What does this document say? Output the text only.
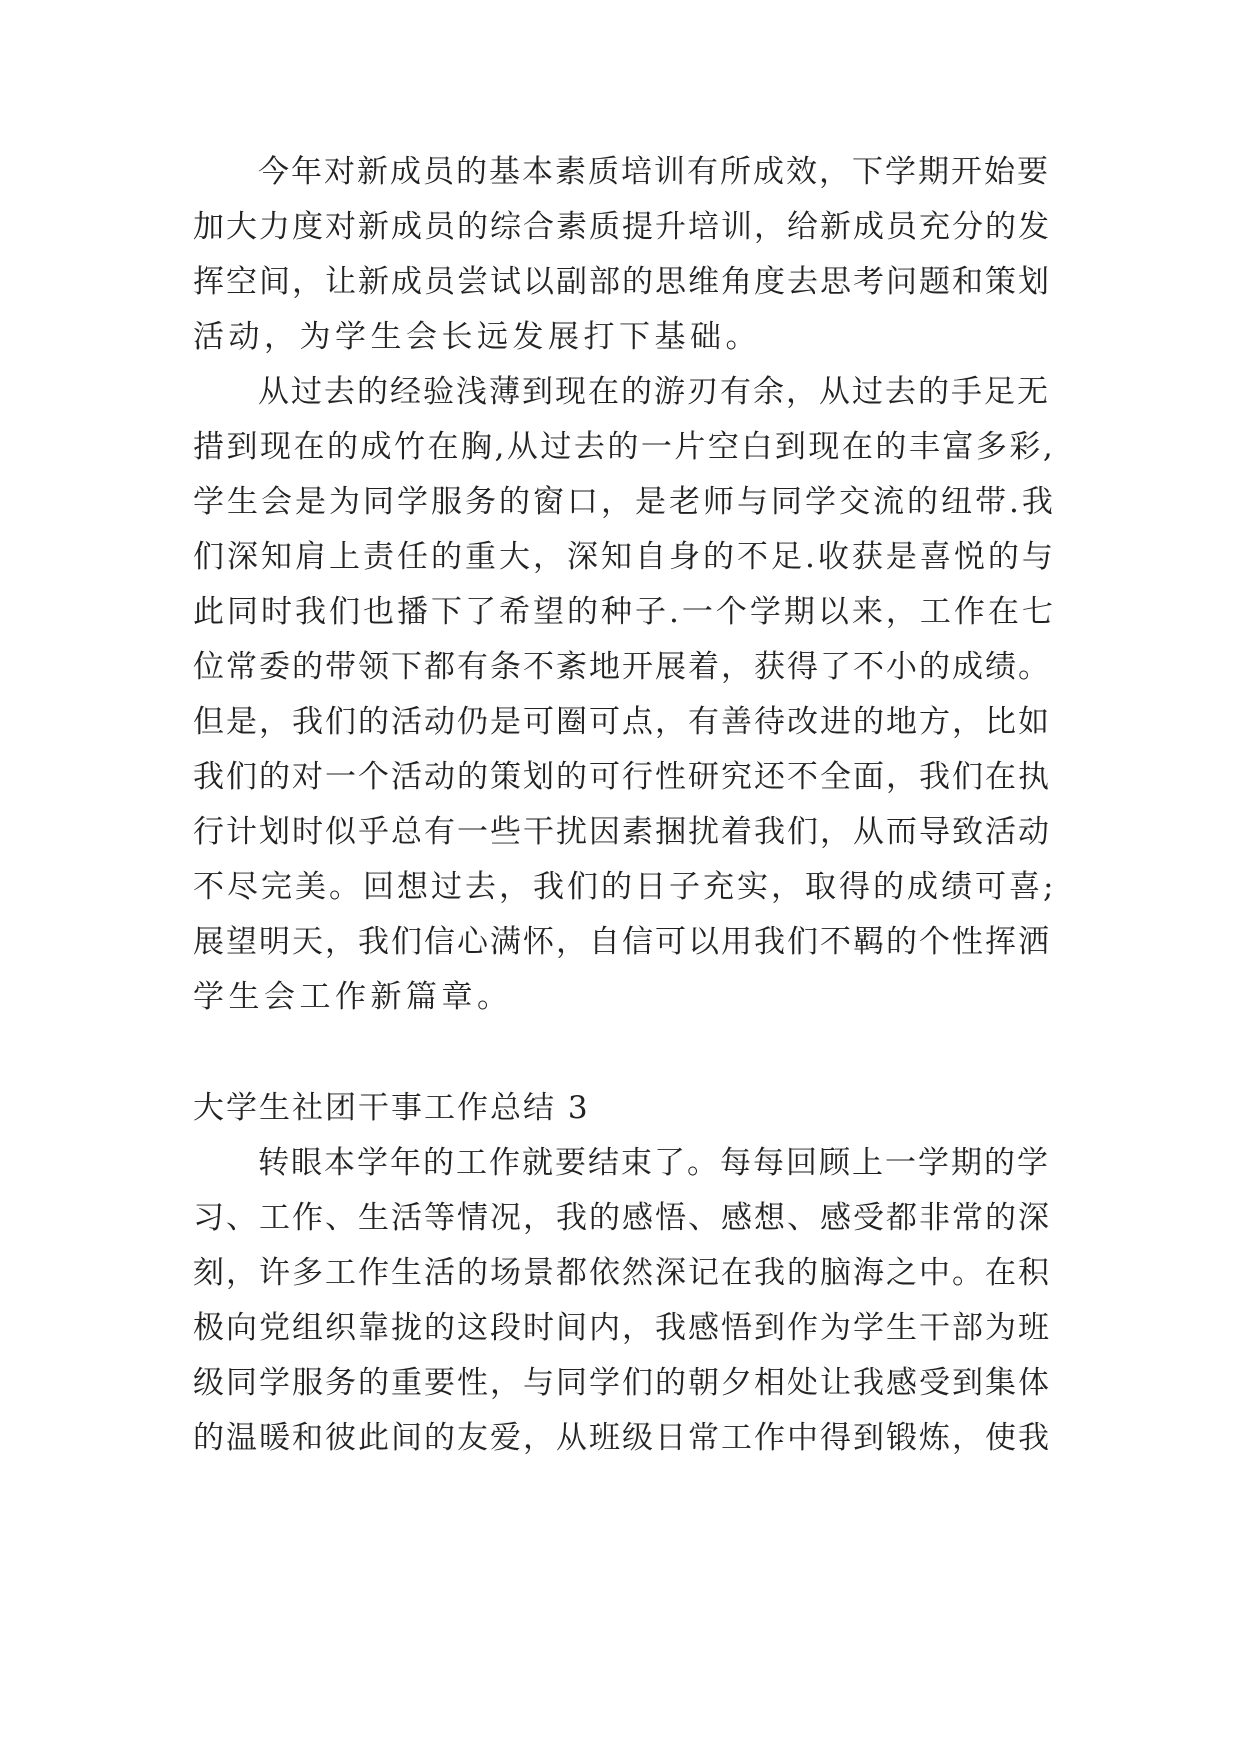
今年对新成员的基本素质培训有所成效，下学期开始要
加大力度对新成员的综合素质提升培训，给新成员充分的发
挥空间，让新成员尝试以副部的思维角度去思考问题和策划
活动，为学生会长远发展打下基础。
从过去的经验浅薄到现在的游刃有余，从过去的手足无
措到现在的成竹在胸,从过去的一片空白到现在的丰富多彩,
学生会是为同学服务的窗口，是老师与同学交流的纽带.我
们深知肩上责任的重大，深知自身的不足.收获是喜悦的与
此同时我们也播下了希望的种子.一个学期以来，工作在七
位常委的带领下都有条不紊地开展着，获得了不小的成绩。
但是，我们的活动仍是可圈可点，有善待改进的地方，比如
我们的对一个活动的策划的可行性研究还不全面，我们在执
行计划时似乎总有一些干扰因素捆扰着我们，从而导致活动
不尽完美。回想过去，我们的日子充实，取得的成绩可喜;
展望明天，我们信心满怀，自信可以用我们不羁的个性挥洒
学生会工作新篇章。
大学生社团干事工作总结 3
转眼本学年的工作就要结束了。每每回顾上一学期的学
习、工作、生活等情况，我的感悟、感想、感受都非常的深
刻，许多工作生活的场景都依然深记在我的脑海之中。在积
极向党组织靠拢的这段时间内，我感悟到作为学生干部为班
级同学服务的重要性，与同学们的朝夕相处让我感受到集体
的温暖和彼此间的友爱，从班级日常工作中得到锻炼，使我
